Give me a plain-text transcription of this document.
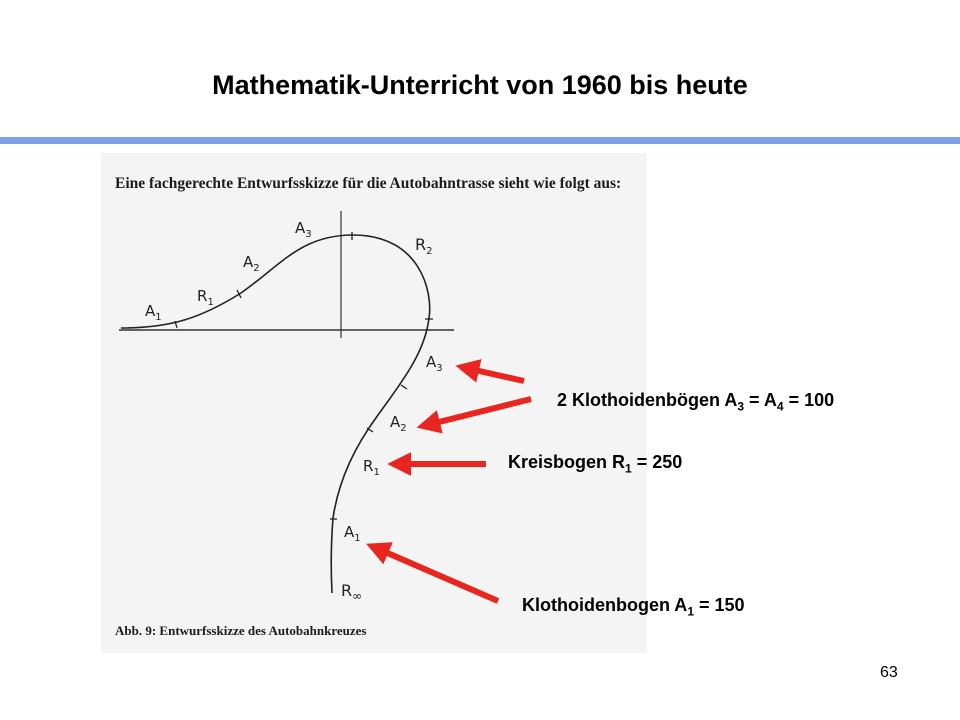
Mathematik-Unterricht von 1960 bis heute
$A_1$
$R_1$
$A_2$
$A_3$
$R_2$
$A_3$
$A_2$
$R_1$
$A_1$
$R_\infty$
Eine fachgerechte Entwurfsskizze für die Autobahntrasse sieht wie folgt aus:
Abb. 9: Entwurfsskizze des Autobahnkreuzes
2 Klothoidenbögen $A_3 = A_4 = 100$
Kreisbogen $R_1 = 250$
Klothoidenbogen $A_1 = 150$
63
